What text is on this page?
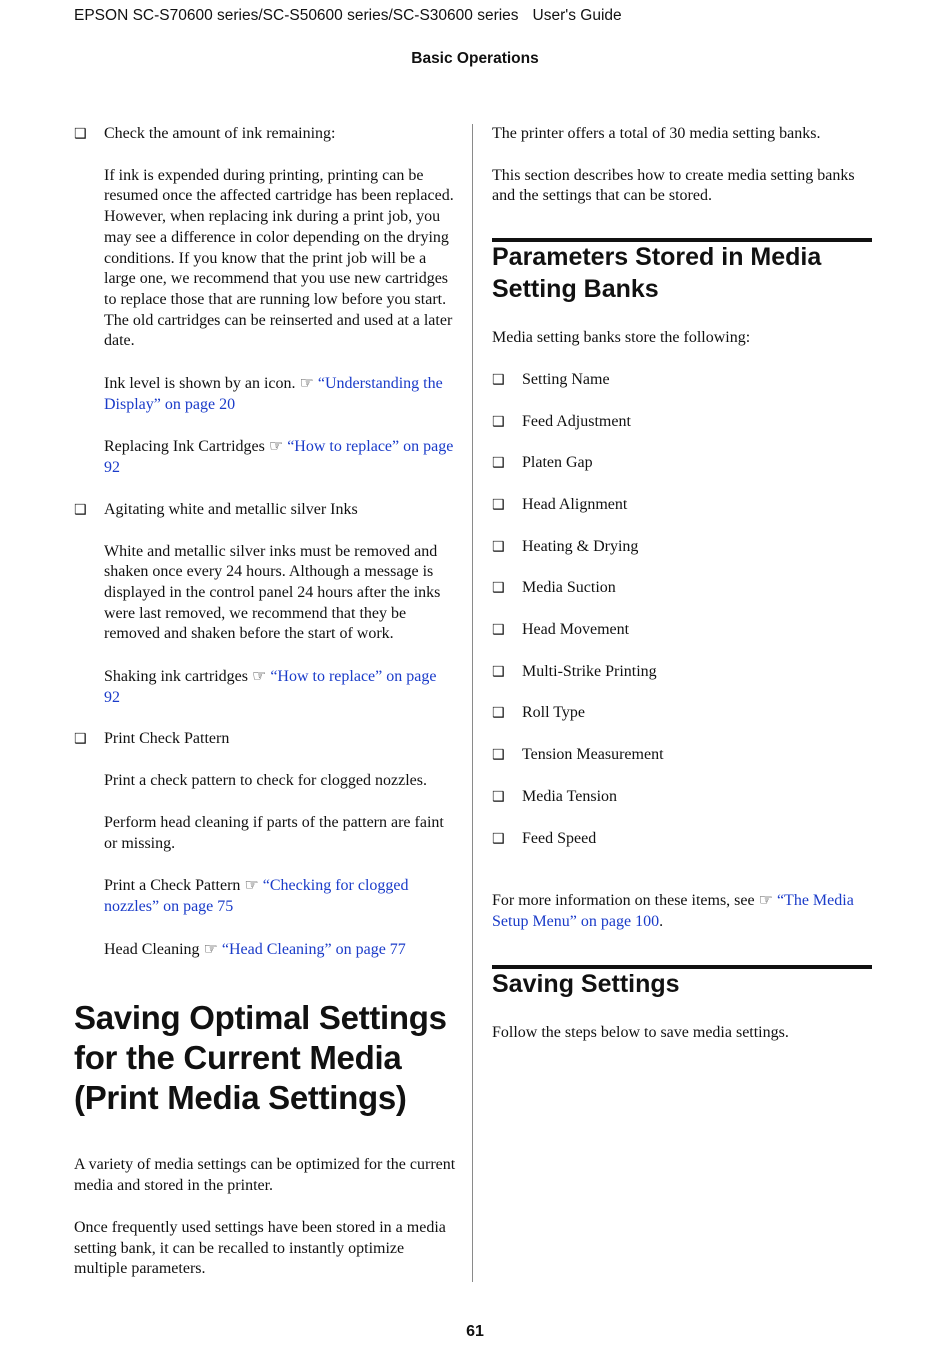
EPSON SC-S70600 series/SC-S50600 series/SC-S30600 series User's Guide
Basic Operations

❑ Check the amount of ink remaining:

If ink is expended during printing, printing can be resumed once the affected cartridge has been replaced. However, when replacing ink during a print job, you may see a difference in color depending on the drying conditions. If you know that the print job will be a large one, we recommend that you use new cartridges to replace those that are running low before you start. The old cartridges can be reinserted and used at a later date.

Ink level is shown by an icon. ☞ “Understanding the Display” on page 20

Replacing Ink Cartridges ☞ “How to replace” on page 92

❑ Agitating white and metallic silver Inks

White and metallic silver inks must be removed and shaken once every 24 hours. Although a message is displayed in the control panel 24 hours after the inks were last removed, we recommend that they be removed and shaken before the start of work.

Shaking ink cartridges ☞ “How to replace” on page 92

❑ Print Check Pattern

Print a check pattern to check for clogged nozzles.

Perform head cleaning if parts of the pattern are faint or missing.

Print a Check Pattern ☞ “Checking for clogged nozzles” on page 75

Head Cleaning ☞ “Head Cleaning” on page 77

Saving Optimal Settings for the Current Media (Print Media Settings)

A variety of media settings can be optimized for the current media and stored in the printer.

Once frequently used settings have been stored in a media setting bank, it can be recalled to instantly optimize multiple parameters.

The printer offers a total of 30 media setting banks.

This section describes how to create media setting banks and the settings that can be stored.

Parameters Stored in Media Setting Banks

Media setting banks store the following:

❑ Setting Name

❑ Feed Adjustment

❑ Platen Gap

❑ Head Alignment

❑ Heating & Drying

❑ Media Suction

❑ Head Movement

❑ Multi-Strike Printing

❑ Roll Type

❑ Tension Measurement

❑ Media Tension

❑ Feed Speed

For more information on these items, see ☞ “The Media Setup Menu” on page 100.

Saving Settings

Follow the steps below to save media settings.

61
